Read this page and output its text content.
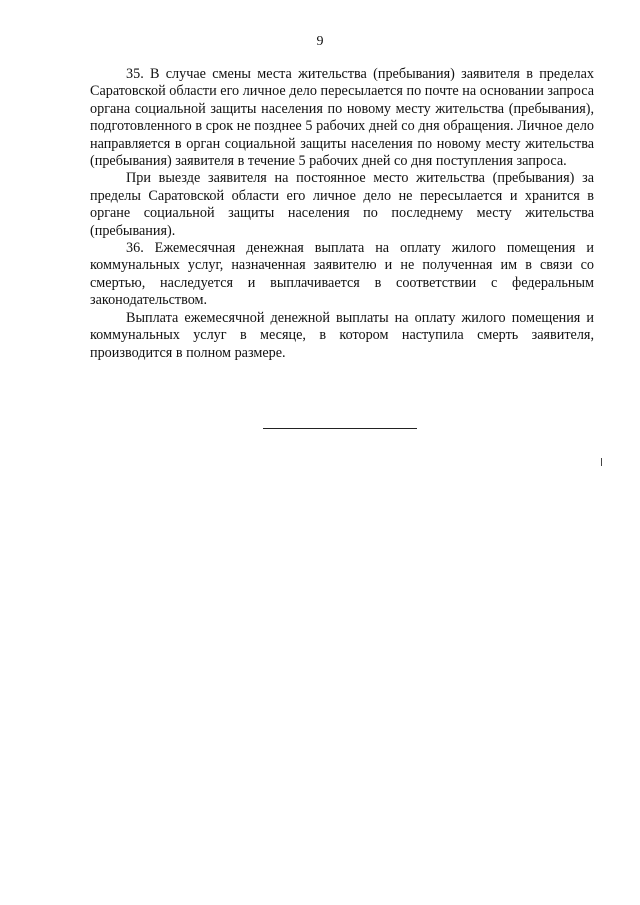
9

35. В случае смены места жительства (пребывания) заявителя в пределах Саратовской области его личное дело пересылается по почте на основании запроса органа социальной защиты населения по новому месту жительства (пребывания), подготовленного в срок не позднее 5 рабочих дней со дня обращения. Личное дело направляется в орган социальной защиты населения по новому месту жительства (пребывания) заявителя в течение 5 рабочих дней со дня поступления запроса.

При выезде заявителя на постоянное место жительства (пребывания) за пределы Саратовской области его личное дело не пересылается и хранится в органе социальной защиты населения по последнему месту жительства (пребывания).

36. Ежемесячная денежная выплата на оплату жилого помещения и коммунальных услуг, назначенная заявителю и не полученная им в связи со смертью, наследуется и выплачивается в соответствии с федеральным законодательством.

Выплата ежемесячной денежной выплаты на оплату жилого помещения и коммунальных услуг в месяце, в котором наступила смерть заявителя, производится в полном размере.
